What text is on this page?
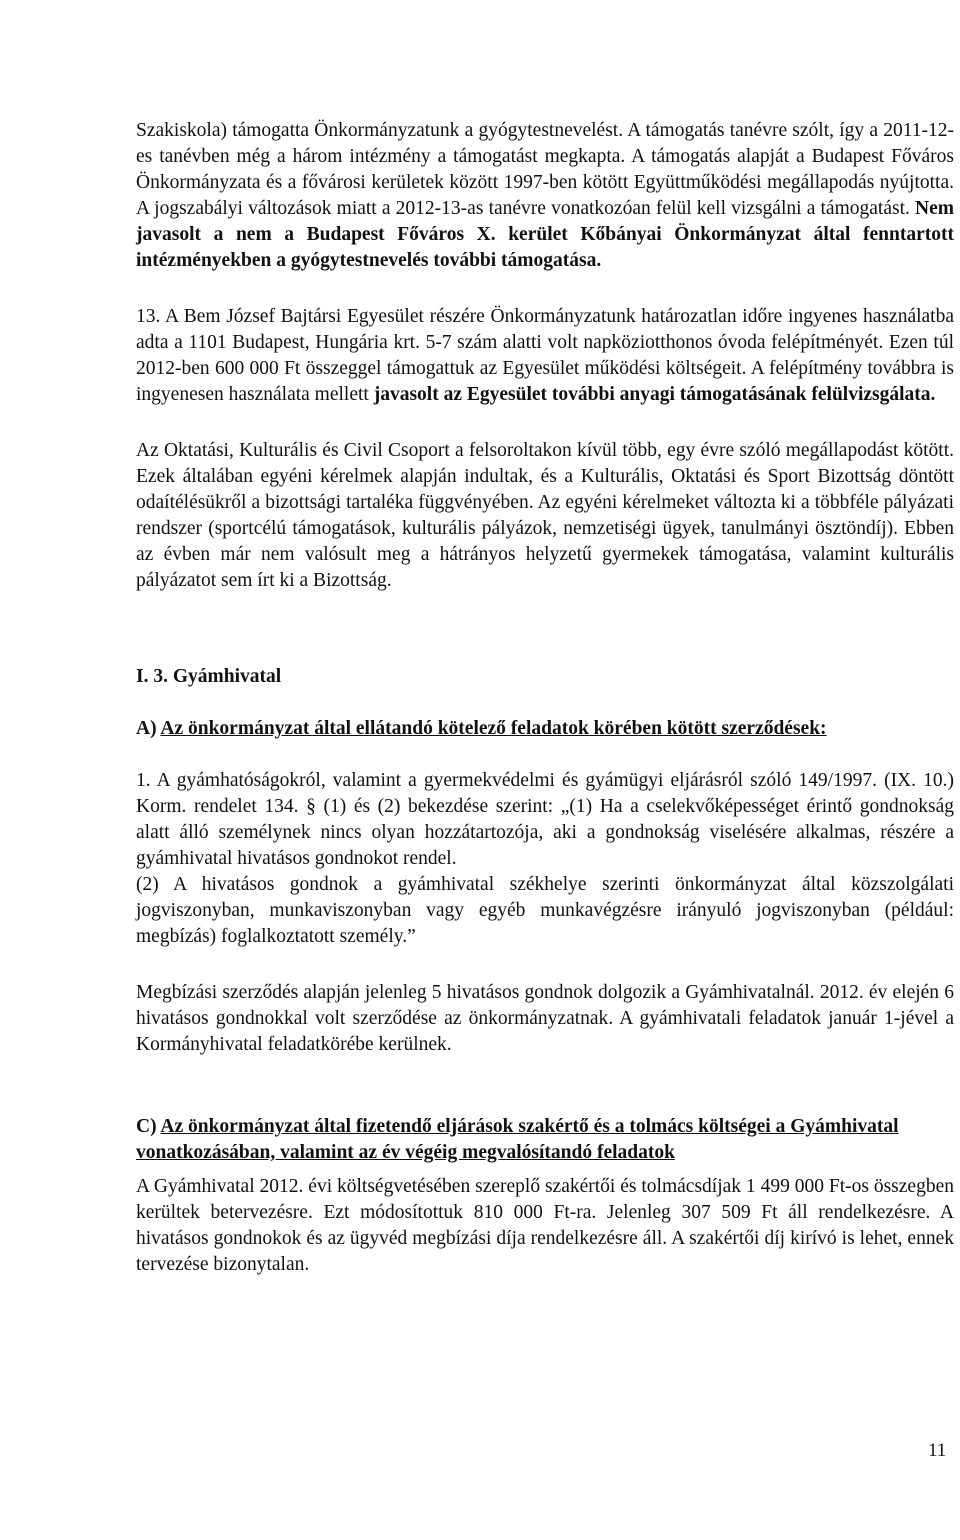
Szakiskola) támogatta Önkormányzatunk a gyógytestnevelést. A támogatás tanévre szólt, így a 2011-12-es tanévben még a három intézmény a támogatást megkapta. A támogatás alapját a Budapest Főváros Önkormányzata és a fővárosi kerületek között 1997-ben kötött Együttműködési megállapodás nyújtotta. A jogszabályi változások miatt a 2012-13-as tanévre vonatkozóan felül kell vizsgálni a támogatást. Nem javasolt a nem a Budapest Főváros X. kerület Kőbányai Önkormányzat által fenntartott intézményekben a gyógytestnevelés további támogatása.

13. A Bem József Bajtársi Egyesület részére Önkormányzatunk határozatlan időre ingyenes használatba adta a 1101 Budapest, Hungária krt. 5-7 szám alatti volt napköziotthonos óvoda felépítményét. Ezen túl 2012-ben 600 000 Ft összeggel támogattuk az Egyesület működési költségeit. A felépítmény továbbra is ingyenesen használata mellett javasolt az Egyesület további anyagi támogatásának felülvizsgálata.

Az Oktatási, Kulturális és Civil Csoport a felsoroltakon kívül több, egy évre szóló megállapodást kötött. Ezek általában egyéni kérelmek alapján indultak, és a Kulturális, Oktatási és Sport Bizottság döntött odaítélésükről a bizottsági tartaléka függvényében. Az egyéni kérelmeket változta ki a többféle pályázati rendszer (sportcélú támogatások, kulturális pályázok, nemzetiségi ügyek, tanulmányi ösztöndíj). Ebben az évben már nem valósult meg a hátrányos helyzetű gyermekek támogatása, valamint kulturális pályázatot sem írt ki a Bizottság.

I. 3. Gyámhivatal

A) Az önkormányzat által ellátandó kötelező feladatok körében kötött szerződések:

1. A gyámhatóságokról, valamint a gyermekvédelmi és gyámügyi eljárásról szóló 149/1997. (IX. 10.) Korm. rendelet 134. § (1) és (2) bekezdése szerint: „(1) Ha a cselekvőképességet érintő gondnokság alatt álló személynek nincs olyan hozzátartozója, aki a gondnokság viselésére alkalmas, részére a gyámhivatal hivatásos gondnokot rendel.

(2) A hivatásos gondnok a gyámhivatal székhelye szerinti önkormányzat által közszolgálati jogviszonyban, munkaviszonyban vagy egyéb munkavégzésre irányuló jogviszonyban (például: megbízás) foglalkoztatott személy.”

Megbízási szerződés alapján jelenleg 5 hivatásos gondnok dolgozik a Gyámhivatalnál. 2012. év elején 6 hivatásos gondnokkal volt szerződése az önkormányzatnak. A gyámhivatali feladatok január 1-jével a Kormányhivatal feladatkörébe kerülnek.

C) Az önkormányzat által fizetendő eljárások szakértő és a tolmács költségei a Gyámhivatal vonatkozásában, valamint az év végéig megvalósítandó feladatok

A Gyámhivatal 2012. évi költségvetésében szereplő szakértői és tolmácsdíjak 1 499 000 Ft-os összegben kerültek betervezésre. Ezt módosítottuk 810 000 Ft-ra. Jelenleg 307 509 Ft áll rendelkezésre. A hivatásos gondnokok és az ügyvéd megbízási díja rendelkezésre áll. A szakértői díj kirívó is lehet, ennek tervezése bizonytalan.

11
